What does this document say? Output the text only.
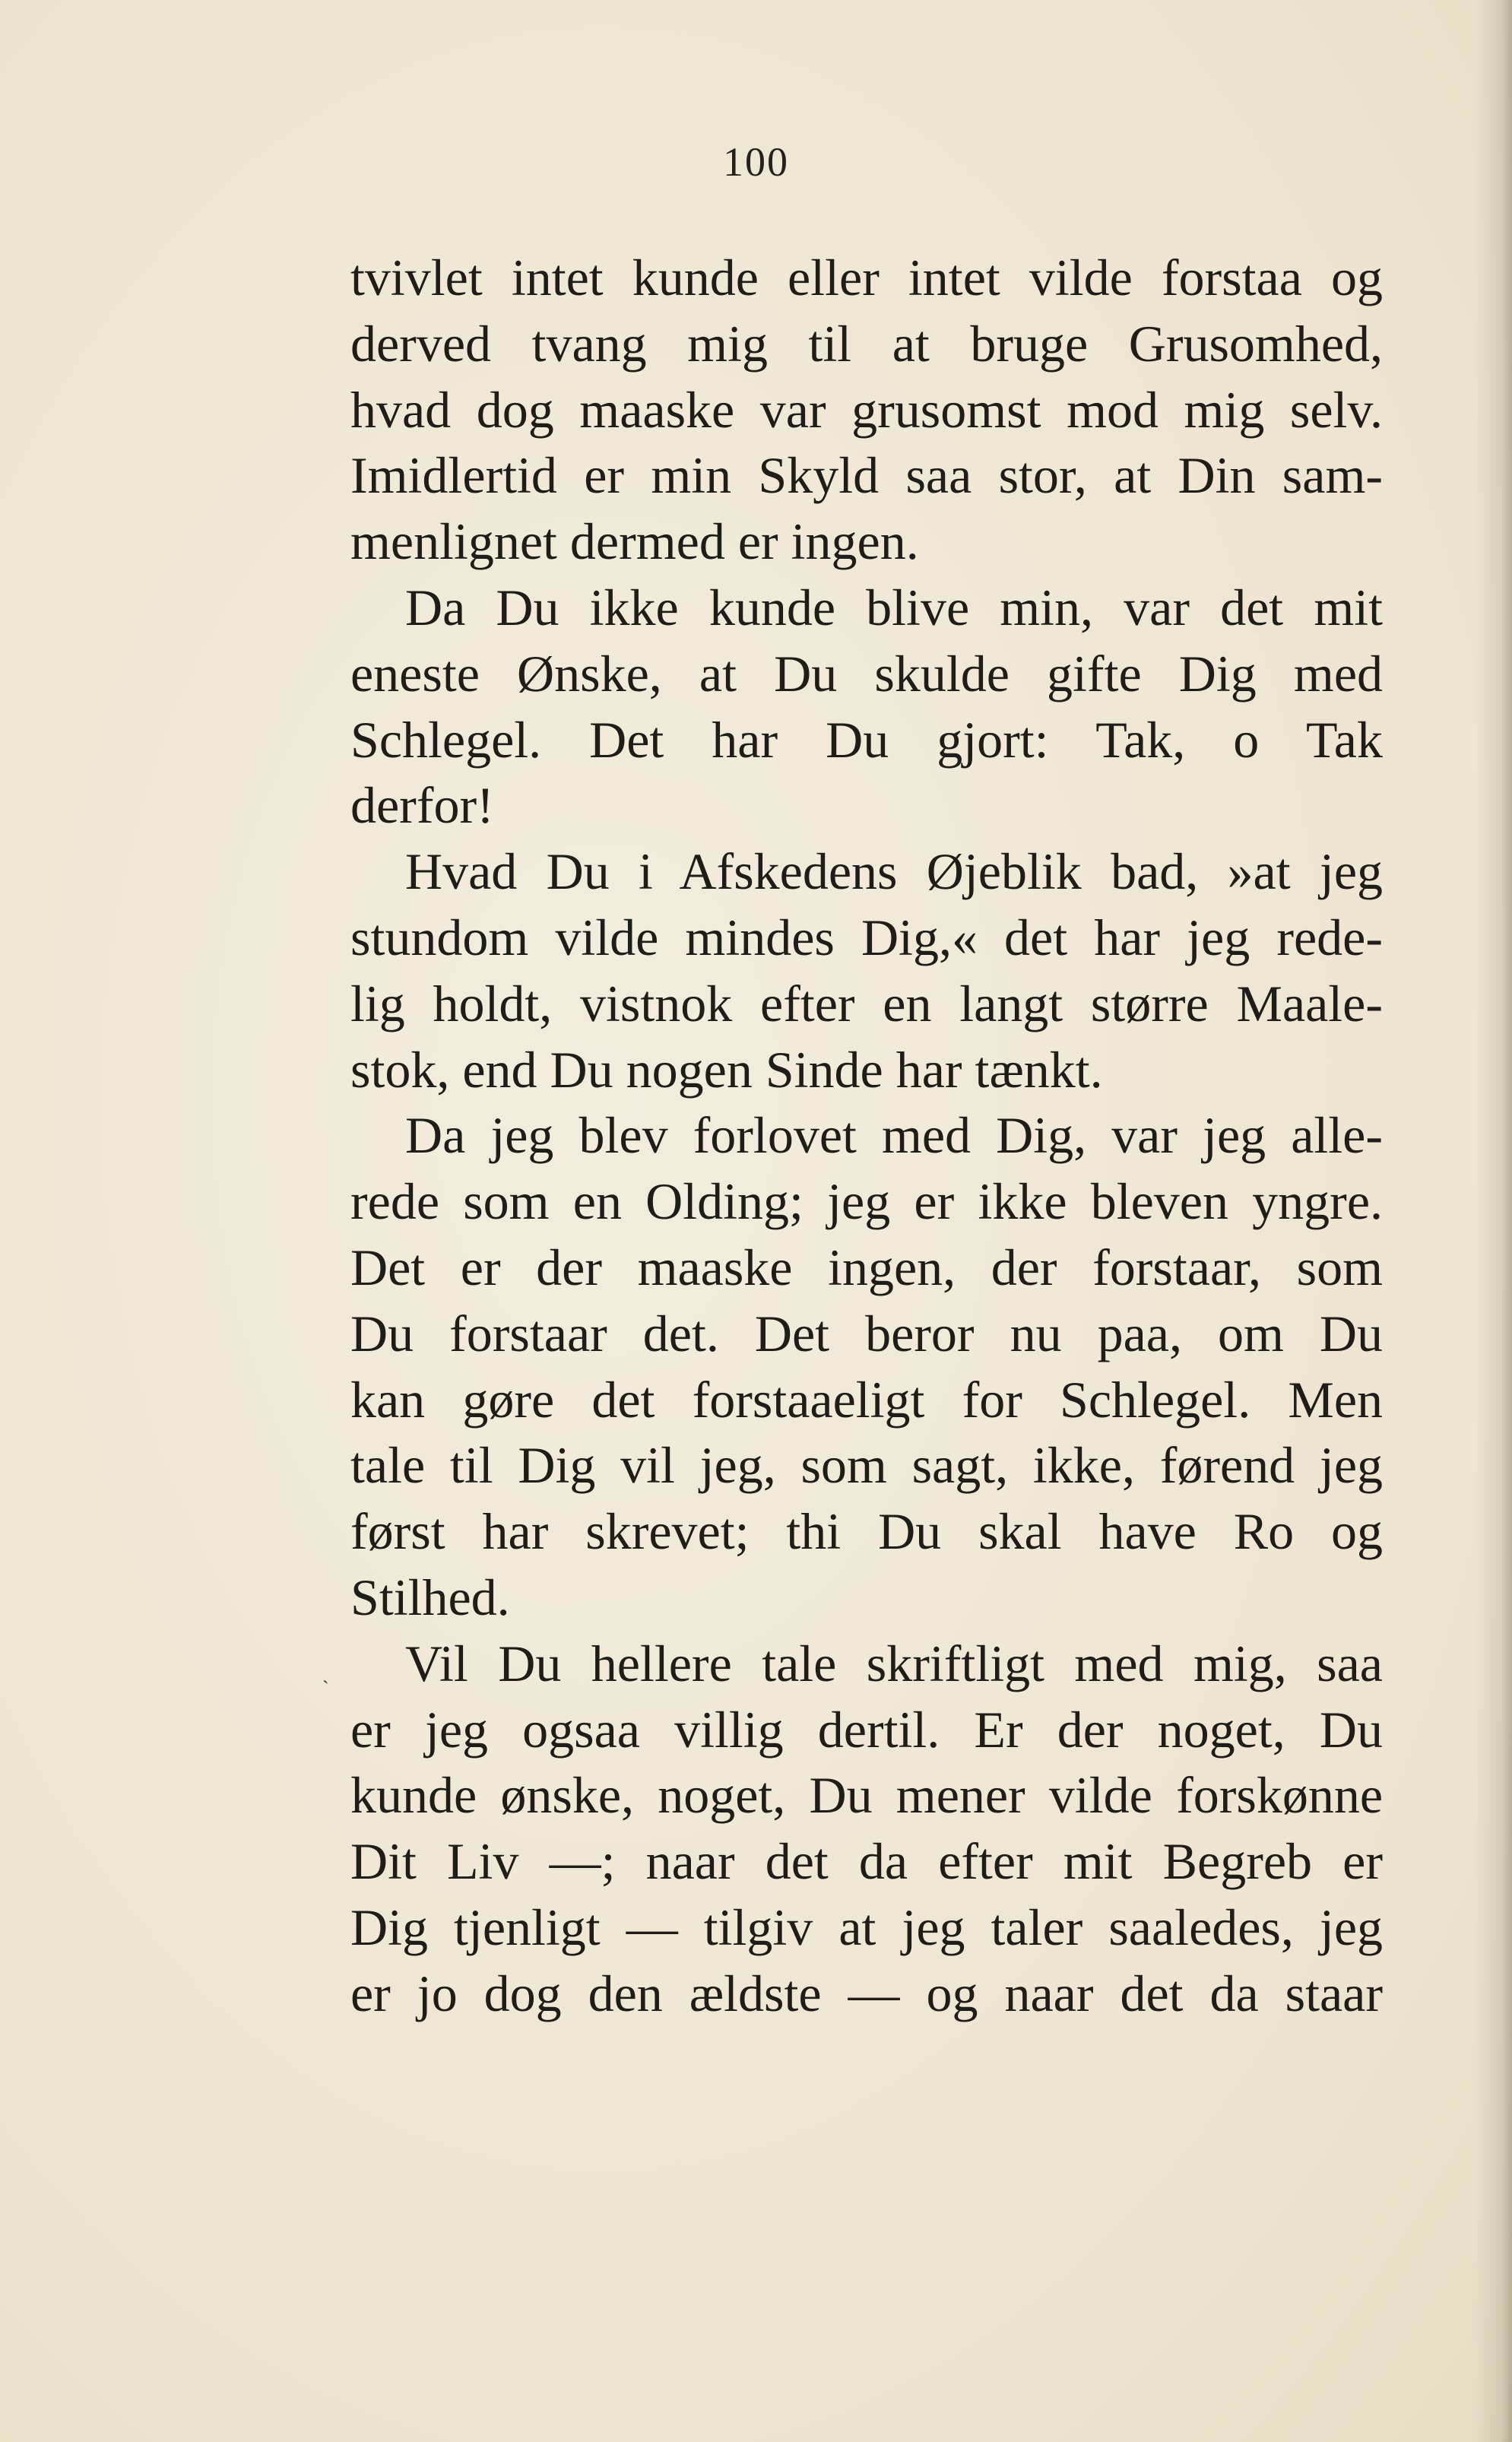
100
tvivlet intet kunde eller intet vilde forstaa og
derved tvang mig til at bruge Grusomhed,
hvad dog maaske var grusomst mod mig selv.
Imidlertid er min Skyld saa stor, at Din sam-
menlignet dermed er ingen.
Da Du ikke kunde blive min, var det mit
eneste Ønske, at Du skulde gifte Dig med
Schlegel. Det har Du gjort: Tak, o Tak
derfor!
Hvad Du i Afskedens Øjeblik bad, »at jeg
stundom vilde mindes Dig,« det har jeg rede-
lig holdt, vistnok efter en langt større Maale-
stok, end Du nogen Sinde har tænkt.
Da jeg blev forlovet med Dig, var jeg alle-
rede som en Olding; jeg er ikke bleven yngre.
Det er der maaske ingen, der forstaar, som
Du forstaar det. Det beror nu paa, om Du
kan gøre det forstaaeligt for Schlegel. Men
tale til Dig vil jeg, som sagt, ikke, førend jeg
først har skrevet; thi Du skal have Ro og
Stilhed.
Vil Du hellere tale skriftligt med mig, saa
er jeg ogsaa villig dertil. Er der noget, Du
kunde ønske, noget, Du mener vilde forskønne
Dit Liv —; naar det da efter mit Begreb er
Dig tjenligt — tilgiv at jeg taler saaledes, jeg
er jo dog den ældste — og naar det da staar
ˏ
